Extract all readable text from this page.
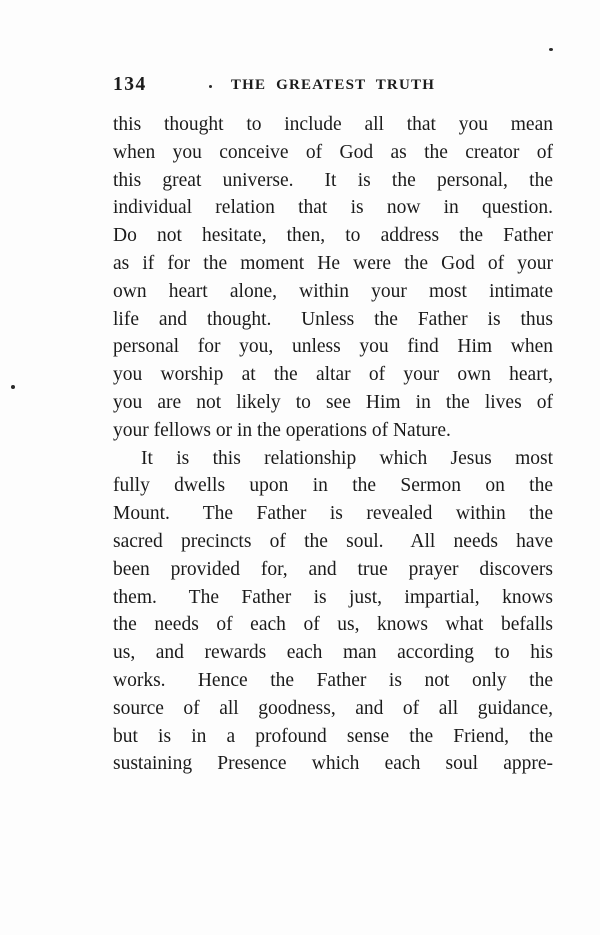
134	THE GREATEST TRUTH
this thought to include all that you mean
when you conceive of God as the creator of
this great universe.  It is the personal, the
individual relation that is now in question.
Do not hesitate, then, to address the Father
as if for the moment He were the God of your
own heart alone, within your most intimate
life and thought.  Unless the Father is thus
personal for you, unless you find Him when
you worship at the altar of your own heart,
you are not likely to see Him in the lives of
your fellows or in the operations of Nature.
It is this relationship which Jesus most
fully dwells upon in the Sermon on the
Mount.  The Father is revealed within the
sacred precincts of the soul.  All needs have
been provided for, and true prayer discovers
them.  The Father is just, impartial, knows
the needs of each of us, knows what befalls
us, and rewards each man according to his
works.  Hence the Father is not only the
source of all goodness, and of all guidance,
but is in a profound sense the Friend, the
sustaining Presence which each soul appre-
